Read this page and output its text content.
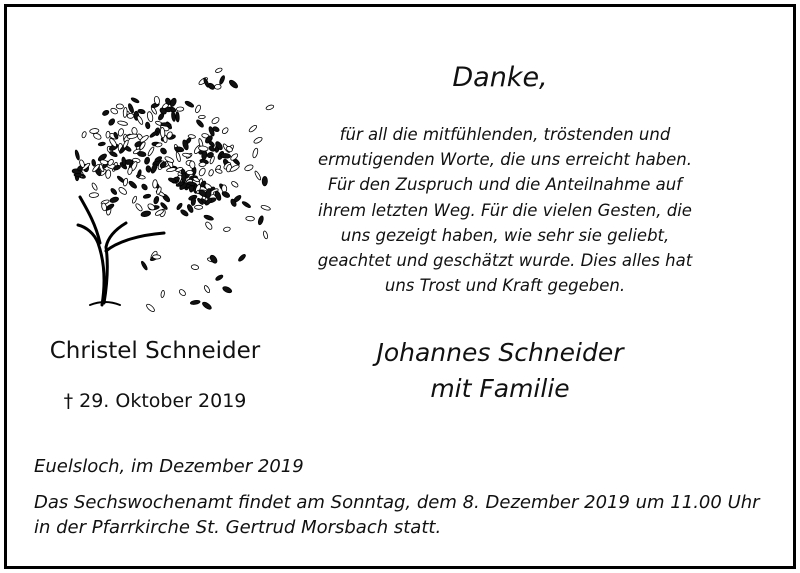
Danke,

für all die mitfühlenden, tröstenden und
ermutigenden Worte, die uns erreicht haben.
Für den Zuspruch und die Anteilnahme auf
ihrem letzten Weg. Für die vielen Gesten, die
uns gezeigt haben, wie sehr sie geliebt,
geachtet und geschätzt wurde. Dies alles hat
uns Trost und Kraft gegeben.

Christel Schneider
† 29. Oktober 2019
Johannes Schneider
mit Familie
Euelsloch, im Dezember 2019
Das Sechswochenamt findet am Sonntag, dem 8. Dezember 2019 um 11.00 Uhr
in der Pfarrkirche St. Gertrud Morsbach statt.
